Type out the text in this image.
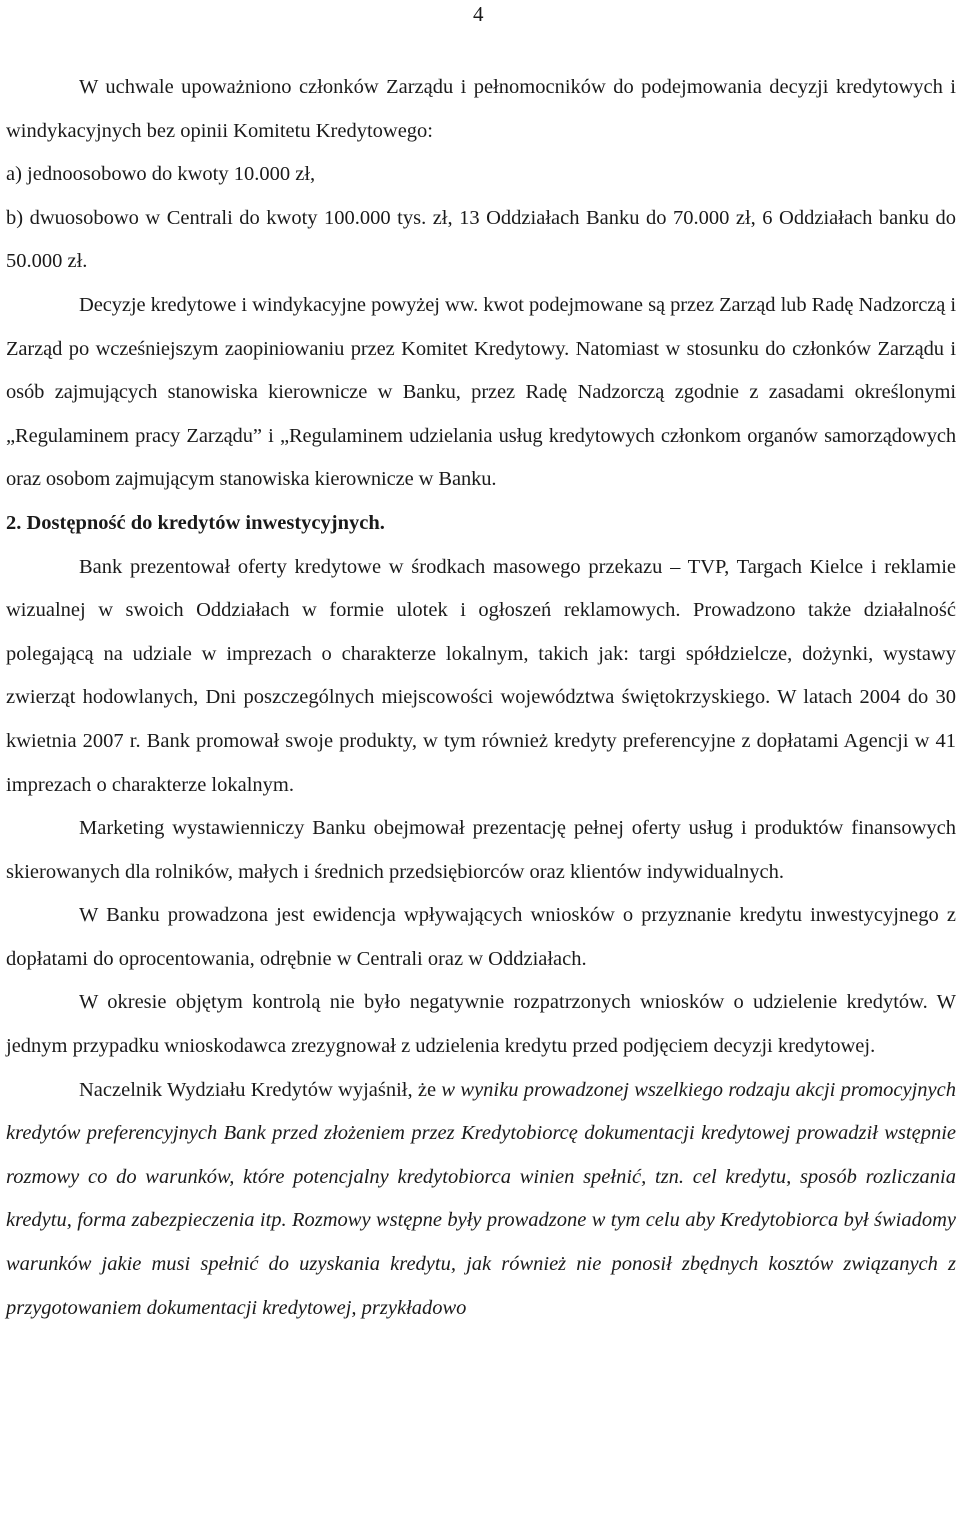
4

W uchwale upoważniono członków Zarządu i pełnomocników do podejmowania decyzji kredytowych i windykacyjnych bez opinii Komitetu Kredytowego:

a) jednoosobowo do kwoty 10.000 zł,

b) dwuosobowo w Centrali do kwoty 100.000 tys. zł, 13 Oddziałach Banku do 70.000 zł, 6 Oddziałach banku do 50.000 zł.

Decyzje kredytowe i windykacyjne powyżej ww. kwot podejmowane są przez Zarząd lub Radę Nadzorczą i Zarząd po wcześniejszym zaopiniowaniu przez Komitet Kredytowy. Natomiast w stosunku do członków Zarządu i osób zajmujących stanowiska kierownicze w Banku, przez Radę Nadzorczą zgodnie z zasadami określonymi „Regulaminem pracy Zarządu” i „Regulaminem udzielania usług kredytowych członkom organów samorządowych oraz osobom zajmującym stanowiska kierownicze w Banku.

2. Dostępność do kredytów inwestycyjnych.

Bank prezentował oferty kredytowe w środkach masowego przekazu – TVP, Targach Kielce i reklamie wizualnej w swoich Oddziałach w formie ulotek i ogłoszeń reklamowych. Prowadzono także działalność polegającą na udziale w imprezach o charakterze lokalnym, takich jak: targi spółdzielcze, dożynki, wystawy zwierząt hodowlanych, Dni poszczególnych miejscowości województwa świętokrzyskiego. W latach 2004 do 30 kwietnia 2007 r. Bank promował swoje produkty, w tym również kredyty preferencyjne z dopłatami Agencji w 41 imprezach o charakterze lokalnym.

Marketing wystawienniczy Banku obejmował prezentację pełnej oferty usług i produktów finansowych skierowanych dla rolników, małych i średnich przedsiębiorców oraz klientów indywidualnych.

W Banku prowadzona jest ewidencja wpływających wniosków o przyznanie kredytu inwestycyjnego z dopłatami do oprocentowania, odrębnie w Centrali oraz w Oddziałach.

W okresie objętym kontrolą nie było negatywnie rozpatrzonych wniosków o udzielenie kredytów. W jednym przypadku wnioskodawca zrezygnował z udzielenia kredytu przed podjęciem decyzji kredytowej.

Naczelnik Wydziału Kredytów wyjaśnił, że w wyniku prowadzonej wszelkiego rodzaju akcji promocyjnych kredytów preferencyjnych Bank przed złożeniem przez Kredytobiorcę dokumentacji kredytowej prowadził wstępnie rozmowy co do warunków, które potencjalny kredytobiorca winien spełnić, tzn. cel kredytu, sposób rozliczania kredytu, forma zabezpieczenia itp. Rozmowy wstępne były prowadzone w tym celu aby Kredytobiorca był świadomy warunków jakie musi spełnić do uzyskania kredytu, jak również nie ponosił zbędnych kosztów związanych z przygotowaniem dokumentacji kredytowej, przykładowo
